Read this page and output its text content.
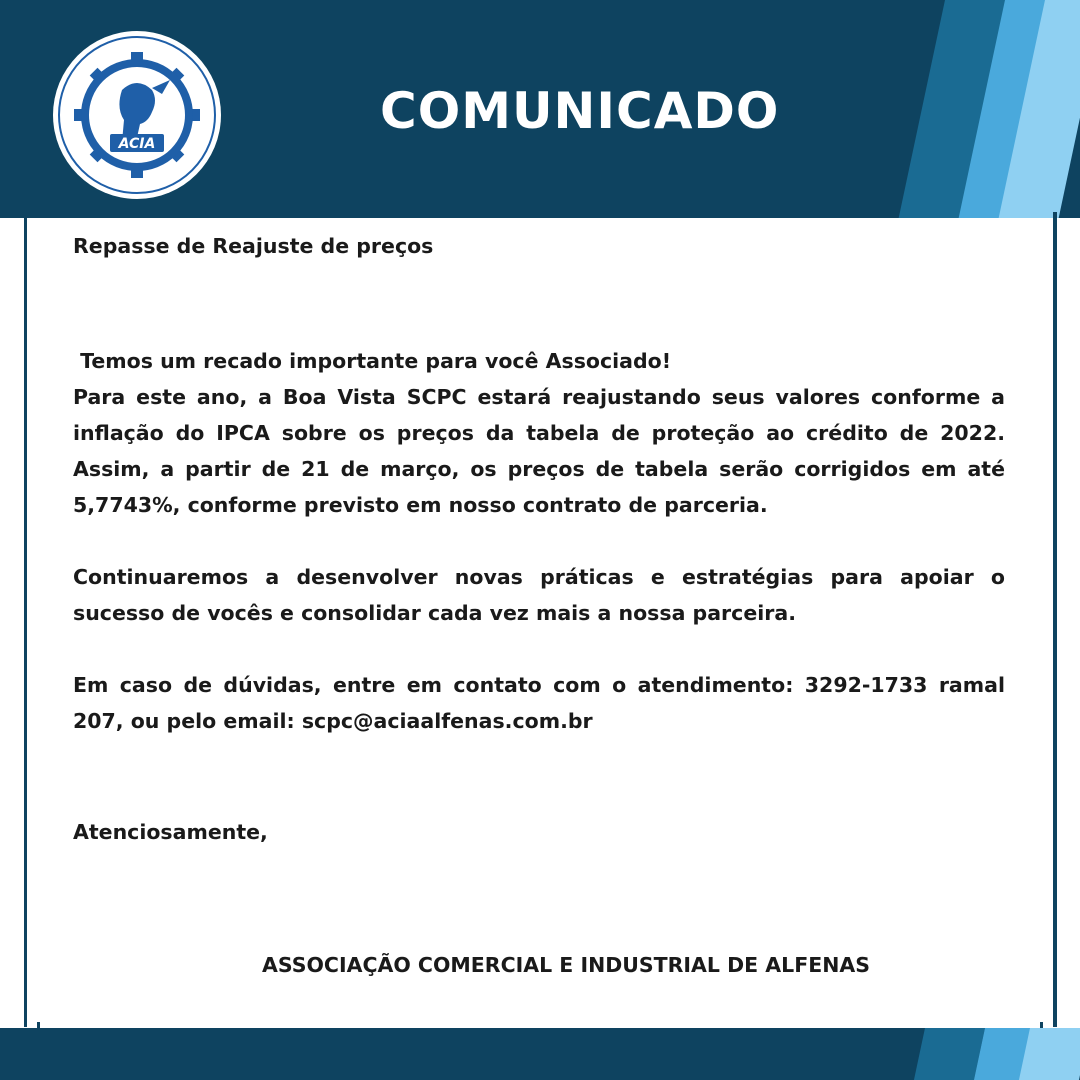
ACIA
COMUNICADO

Repasse de Reajuste de preços

Temos um recado importante para você Associado!

Para este ano, a Boa Vista SCPC estará reajustando seus valores conforme a inflação do IPCA sobre os preços da tabela de proteção ao crédito de 2022. Assim, a partir de 21 de março, os preços de tabela serão corrigidos em até 5,7743%, conforme previsto em nosso contrato de parceria.

Continuaremos a desenvolver novas práticas e estratégias para apoiar o sucesso de vocês e consolidar cada vez mais a nossa parceira.

Em caso de dúvidas, entre em contato com o atendimento: 3292-1733 ramal 207, ou pelo email: scpc@aciaalfenas.com.br

Atenciosamente,

ASSOCIAÇÃO COMERCIAL E INDUSTRIAL DE ALFENAS
